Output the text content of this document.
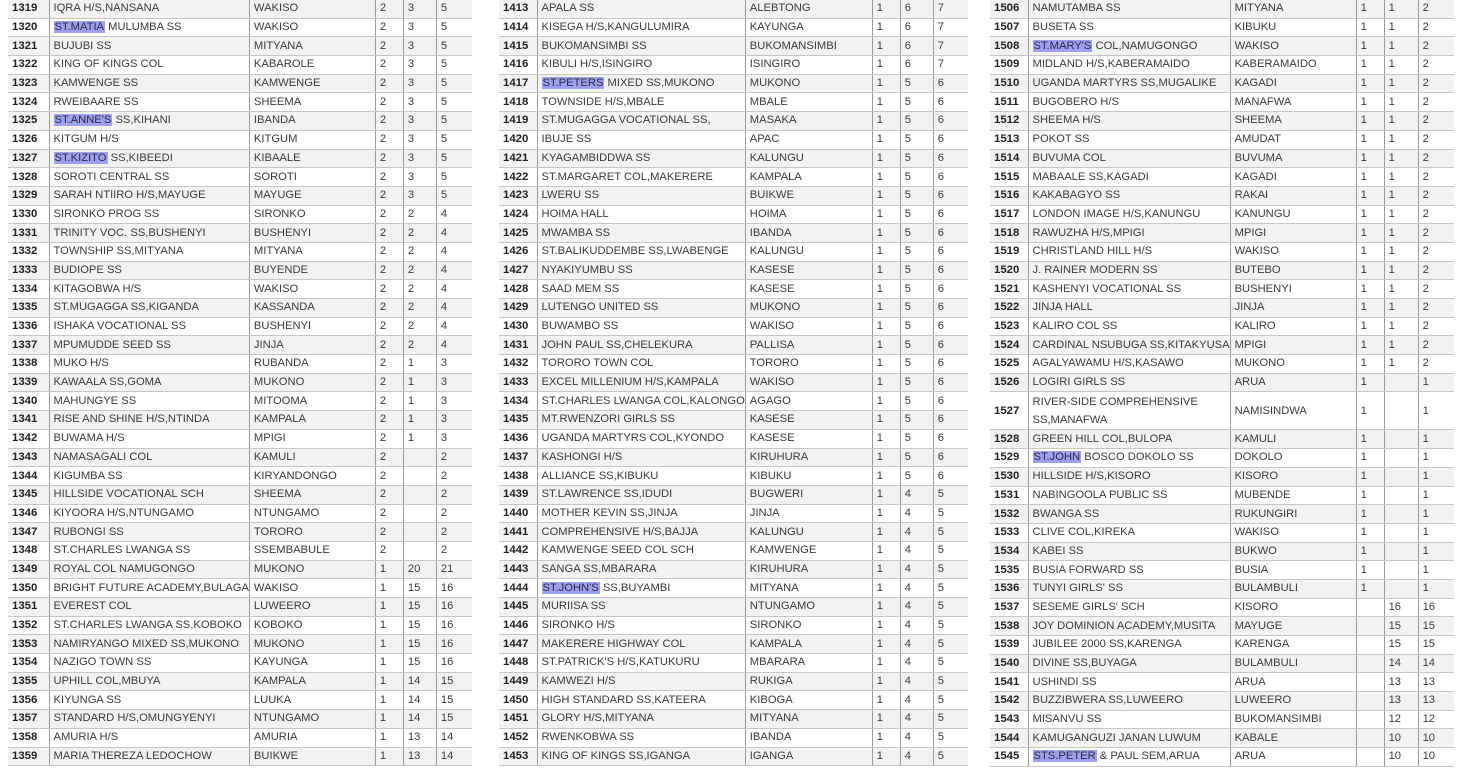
1319	IQRA H/S,NANSANA	WAKISO	2	3	5
1320	ST.MATIA MULUMBA SS	WAKISO	2	3	5
1321	BUJUBI SS	MITYANA	2	3	5
1322	KING OF KINGS COL	KABAROLE	2	3	5
1323	KAMWENGE SS	KAMWENGE	2	3	5
1324	RWEIBAARE SS	SHEEMA	2	3	5
1325	ST.ANNE'S SS,KIHANI	IBANDA	2	3	5
1326	KITGUM H/S	KITGUM	2	3	5
1327	ST.KIZITO SS,KIBEEDI	KIBAALE	2	3	5
1328	SOROTI CENTRAL SS	SOROTI	2	3	5
1329	SARAH NTIIRO H/S,MAYUGE	MAYUGE	2	3	5
1330	SIRONKO PROG SS	SIRONKO	2	2	4
1331	TRINITY VOC. SS,BUSHENYI	BUSHENYI	2	2	4
1332	TOWNSHIP SS,MITYANA	MITYANA	2	2	4
1333	BUDIOPE SS	BUYENDE	2	2	4
1334	KITAGOBWA H/S	WAKISO	2	2	4
1335	ST.MUGAGGA SS,KIGANDA	KASSANDA	2	2	4
1336	ISHAKA VOCATIONAL SS	BUSHENYI	2	2	4
1337	MPUMUDDE SEED SS	JINJA	2	2	4
1338	MUKO H/S	RUBANDA	2	1	3
1339	KAWAALA SS,GOMA	MUKONO	2	1	3
1340	MAHUNGYE SS	MITOOMA	2	1	3
1341	RISE AND SHINE H/S,NTINDA	KAMPALA	2	1	3
1342	BUWAMA H/S	MPIGI	2	1	3
1343	NAMASAGALI COL	KAMULI	2		2
1344	KIGUMBA SS	KIRYANDONGO	2		2
1345	HILLSIDE VOCATIONAL SCH	SHEEMA	2		2
1346	KIYOORA H/S,NTUNGAMO	NTUNGAMO	2		2
1347	RUBONGI SS	TORORO	2		2
1348	ST.CHARLES LWANGA SS	SSEMBABULE	2		2
1349	ROYAL COL NAMUGONGO	MUKONO	1	20	21
1350	BRIGHT FUTURE ACADEMY,BULAGA	WAKISO	1	15	16
1351	EVEREST COL	LUWEERO	1	15	16
1352	ST.CHARLES LWANGA SS,KOBOKO	KOBOKO	1	15	16
1353	NAMIRYANGO MIXED SS,MUKONO	MUKONO	1	15	16
1354	NAZIGO TOWN SS	KAYUNGA	1	15	16
1355	UPHILL COL,MBUYA	KAMPALA	1	14	15
1356	KIYUNGA SS	LUUKA	1	14	15
1357	STANDARD H/S,OMUNGYENYI	NTUNGAMO	1	14	15
1358	AMURIA H/S	AMURIA	1	13	14
1359	MARIA THEREZA LEDOCHOW	BUIKWE	1	13	14
1413	APALA SS	ALEBTONG	1	6	7
1414	KISEGA H/S,KANGULUMIRA	KAYUNGA	1	6	7
1415	BUKOMANSIMBI SS	BUKOMANSIMBI	1	6	7
1416	KIBULI H/S,ISINGIRO	ISINGIRO	1	6	7
1417	ST.PETERS MIXED SS,MUKONO	MUKONO	1	5	6
1418	TOWNSIDE H/S,MBALE	MBALE	1	5	6
1419	ST.MUGAGGA VOCATIONAL SS,	MASAKA	1	5	6
1420	IBUJE SS	APAC	1	5	6
1421	KYAGAMBIDDWA SS	KALUNGU	1	5	6
1422	ST.MARGARET COL,MAKERERE	KAMPALA	1	5	6
1423	LWERU SS	BUIKWE	1	5	6
1424	HOIMA HALL	HOIMA	1	5	6
1425	MWAMBA SS	IBANDA	1	5	6
1426	ST.BALIKUDDEMBE SS,LWABENGE	KALUNGU	1	5	6
1427	NYAKIYUMBU SS	KASESE	1	5	6
1428	SAAD MEM SS	KASESE	1	5	6
1429	LUTENGO UNITED SS	MUKONO	1	5	6
1430	BUWAMBO SS	WAKISO	1	5	6
1431	JOHN PAUL SS,CHELEKURA	PALLISA	1	5	6
1432	TORORO TOWN COL	TORORO	1	5	6
1433	EXCEL MILLENIUM H/S,KAMPALA	WAKISO	1	5	6
1434	ST.CHARLES LWANGA COL,KALONGO	AGAGO	1	5	6
1435	MT.RWENZORI GIRLS SS	KASESE	1	5	6
1436	UGANDA MARTYRS COL,KYONDO	KASESE	1	5	6
1437	KASHONGI H/S	KIRUHURA	1	5	6
1438	ALLIANCE SS,KIBUKU	KIBUKU	1	5	6
1439	ST.LAWRENCE SS,IDUDI	BUGWERI	1	4	5
1440	MOTHER KEVIN SS,JINJA	JINJA	1	4	5
1441	COMPREHENSIVE H/S,BAJJA	KALUNGU	1	4	5
1442	KAMWENGE SEED COL SCH	KAMWENGE	1	4	5
1443	SANGA SS,MBARARA	KIRUHURA	1	4	5
1444	ST.JOHN'S SS,BUYAMBI	MITYANA	1	4	5
1445	MURIISA SS	NTUNGAMO	1	4	5
1446	SIRONKO H/S	SIRONKO	1	4	5
1447	MAKERERE HIGHWAY COL	KAMPALA	1	4	5
1448	ST.PATRICK'S H/S,KATUKURU	MBARARA	1	4	5
1449	KAMWEZI H/S	RUKIGA	1	4	5
1450	HIGH STANDARD SS,KATEERA	KIBOGA	1	4	5
1451	GLORY H/S,MITYANA	MITYANA	1	4	5
1452	RWENKOBWA SS	IBANDA	1	4	5
1453	KING OF KINGS SS,IGANGA	IGANGA	1	4	5
1506	NAMUTAMBA SS	MITYANA	1	1	2
1507	BUSETA SS	KIBUKU	1	1	2
1508	ST.MARY'S COL,NAMUGONGO	WAKISO	1	1	2
1509	MIDLAND H/S,KABERAMAIDO	KABERAMAIDO	1	1	2
1510	UGANDA MARTYRS SS,MUGALIKE	KAGADI	1	1	2
1511	BUGOBERO H/S	MANAFWA	1	1	2
1512	SHEEMA H/S	SHEEMA	1	1	2
1513	POKOT SS	AMUDAT	1	1	2
1514	BUVUMA COL	BUVUMA	1	1	2
1515	MABAALE SS,KAGADI	KAGADI	1	1	2
1516	KAKABAGYO SS	RAKAI	1	1	2
1517	LONDON IMAGE H/S,KANUNGU	KANUNGU	1	1	2
1518	RAWUZHA H/S,MPIGI	MPIGI	1	1	2
1519	CHRISTLAND HILL H/S	WAKISO	1	1	2
1520	J. RAINER MODERN SS	BUTEBO	1	1	2
1521	KASHENYI VOCATIONAL SS	BUSHENYI	1	1	2
1522	JINJA HALL	JINJA	1	1	2
1523	KALIRO COL SS	KALIRO	1	1	2
1524	CARDINAL NSUBUGA SS,KITAKYUSA	MPIGI	1	1	2
1525	AGALYAWAMU H/S,KASAWO	MUKONO	1	1	2
1526	LOGIRI GIRLS SS	ARUA	1		1
1527	RIVER-SIDE COMPREHENSIVE SS,MANAFWA	NAMISINDWA	1		1
1528	GREEN HILL COL,BULOPA	KAMULI	1		1
1529	ST.JOHN BOSCO DOKOLO SS	DOKOLO	1		1
1530	HILLSIDE H/S,KISORO	KISORO	1		1
1531	NABINGOOLA PUBLIC SS	MUBENDE	1		1
1532	BWANGA SS	RUKUNGIRI	1		1
1533	CLIVE COL,KIREKA	WAKISO	1		1
1534	KABEI SS	BUKWO	1		1
1535	BUSIA FORWARD SS	BUSIA	1		1
1536	TUNYI GIRLS' SS	BULAMBULI	1		1
1537	SESEME GIRLS' SCH	KISORO		16	16
1538	JOY DOMINION ACADEMY,MUSITA	MAYUGE		15	15
1539	JUBILEE 2000 SS,KARENGA	KARENGA		15	15
1540	DIVINE SS,BUYAGA	BULAMBULI		14	14
1541	USHINDI SS	ARUA		13	13
1542	BUZZIBWERA SS,LUWEERO	LUWEERO		13	13
1543	MISANVU SS	BUKOMANSIMBI		12	12
1544	KAMUGANGUZI JANAN LUWUM	KABALE		10	10
1545	STS.PETER & PAUL SEM,ARUA	ARUA		10	10
